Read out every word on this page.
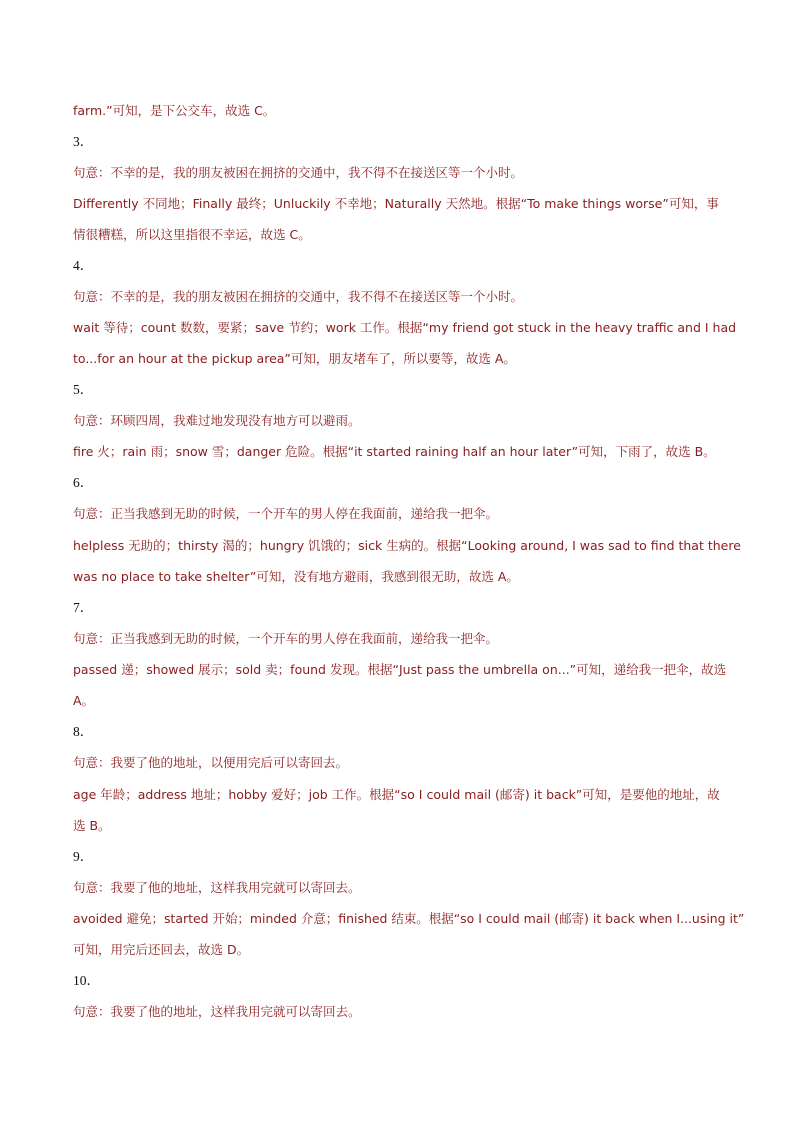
farm.”可知，是下公交车，故选 C。
3．
句意：不幸的是，我的朋友被困在拥挤的交通中，我不得不在接送区等一个小时。
Differently 不同地；Finally 最终；Unluckily 不幸地；Naturally 天然地。根据“To make things worse”可知，事
情很糟糕，所以这里指很不幸运，故选 C。
4．
句意：不幸的是，我的朋友被困在拥挤的交通中，我不得不在接送区等一个小时。
wait 等待；count 数数，要紧；save 节约；work 工作。根据“my friend got stuck in the heavy traffic and I had
to...for an hour at the pickup area”可知，朋友堵车了，所以要等，故选 A。
5．
句意：环顾四周，我难过地发现没有地方可以避雨。
fire 火；rain 雨；snow 雪；danger 危险。根据“it started raining half an hour later”可知，下雨了，故选 B。
6．
句意：正当我感到无助的时候，一个开车的男人停在我面前，递给我一把伞。
helpless 无助的；thirsty 渴的；hungry 饥饿的；sick 生病的。根据“Looking around, I was sad to find that there
was no place to take shelter”可知，没有地方避雨，我感到很无助，故选 A。
7．
句意：正当我感到无助的时候，一个开车的男人停在我面前，递给我一把伞。
passed 递；showed 展示；sold 卖；found 发现。根据“Just pass the umbrella on...”可知，递给我一把伞，故选
A。
8．
句意：我要了他的地址，以便用完后可以寄回去。
age 年龄；address 地址；hobby 爱好；job 工作。根据“so I could mail (邮寄) it back”可知，是要他的地址，故
选 B。
9．
句意：我要了他的地址，这样我用完就可以寄回去。
avoided 避免；started 开始；minded 介意；finished 结束。根据“so I could mail (邮寄) it back when I...using it”
可知，用完后还回去，故选 D。
10．
句意：我要了他的地址，这样我用完就可以寄回去。
